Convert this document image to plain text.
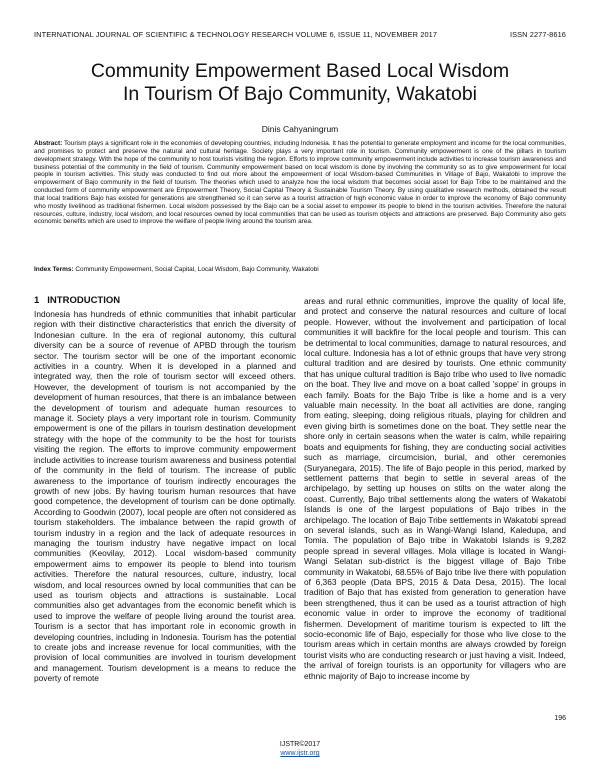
INTERNATIONAL JOURNAL OF SCIENTIFIC & TECHNOLOGY RESEARCH VOLUME 6, ISSUE 11, NOVEMBER 2017	ISSN 2277-8616
Community Empowerment Based Local Wisdom
In Tourism Of Bajo Community, Wakatobi
Dinis Cahyaningrum
Abstract: Tourism plays a significant role in the economies of developing countries, including Indonesia. It has the potential to generate employment and income for the local communities, and promises to protect and preserve the natural and cultural heritage. Society plays a very important role in tourism. Community empowerment is one of the pillars in tourism development strategy. With the hope of the community to host tourists visiting the region. Efforts to improve community empowerment include activities to increase tourism awareness and business potential of the community in the field of tourism. Community empowerment based on local wisdom is done by involving the community so as to give empowerment for local people in tourism activities. This study was conducted to find out more about the empowerment of local Wisdom-based Communities in Village of Bajo, Wakatobi to improve the empowerment of Bajo community in the field of tourism. The theories which used to analyze how the local wisdom that becomes social asset for Bajo Tribe to be maintained and the conducted form of community empowerment are Empowerment Theory, Social Capital Theory & Sustainable Tourism Theory. By using qualitative research methods, obtained the result that local traditions Bajo has existed for generations are strengthened so it can serve as a tourist attraction of high economic value in order to improve the economy of Bajo community who mostly livelihood as traditional fishermen. Local wisdom possessed by the Bajo can be a social asset to empower its people to blend in the tourism activities. Therefore the natural resources, culture, industry, local wisdom, and local resources owned by local communities that can be used as tourism objects and attractions are preserved. Bajo Community also gets economic benefits which are used to improve the welfare of people living around the tourism area.
Index Terms: Community Empowerment, Social Capital, Local Wisdom, Bajo Community, Wakatobi
1 INTRODUCTION
Indonesia has hundreds of ethnic communities that inhabit particular region with their distinctive characteristics that enrich the diversity of Indonesian culture. In the era of regional autonomy, this cultural diversity can be a source of revenue of APBD through the tourism sector. The tourism sector will be one of the important economic activities in a country. When it is developed in a planned and integrated way, then the role of tourism sector will exceed others. However, the development of tourism is not accompanied by the development of human resources, that there is an imbalance between the development of tourism and adequate human resources to manage it. Society plays a very important role in tourism. Community empowerment is one of the pillars in tourism destination development strategy with the hope of the community to be the host for tourists visiting the region. The efforts to improve community empowerment include activities to increase tourism awareness and business potential of the community in the field of tourism. The increase of public awareness to the importance of tourism indirectly encourages the growth of new jobs. By having tourism human resources that have good competence, the development of tourism can be done optimally. According to Goodwin (2007), local people are often not considered as tourism stakeholders. The imbalance between the rapid growth of tourism industry in a region and the lack of adequate resources in managing the tourism industry have negative impact on local communities (Keovilay, 2012). Local wisdom-based community empowerment aims to empower its people to blend into tourism activities. Therefore the natural resources, culture, industry, local wisdom, and local resources owned by local communities that can be used as tourism objects and attractions is sustainable. Local communities also get advantages from the economic benefit which is used to improve the welfare of people living around the tourist area. Tourism is a sector that has important role in economic growth in developing countries, including in Indonesia. Tourism has the potential to create jobs and increase revenue for local communities, with the provision of local communities are involved in tourism development and management. Tourism development is a means to reduce the poverty of remote
areas and rural ethnic communities, improve the quality of local life, and protect and conserve the natural resources and culture of local people. However, without the involvement and participation of local communities it will backfire for the local people and tourism. This can be detrimental to local communities, damage to natural resources, and local culture. Indonesia has a lot of ethnic groups that have very strong cultural tradition and are desired by tourists. One ethnic community that has unique cultural tradition is Bajo tribe who used to live nomadic on the boat. They live and move on a boat called 'soppe' in groups in each family. Boats for the Bajo Tribe is like a home and is a very valuable main necessity. In the boat all activities are done, ranging from eating, sleeping, doing religious rituals, playing for children and even giving birth is sometimes done on the boat. They settle near the shore only in certain seasons when the water is calm, while repairing boats and equipments for fishing, they are conducting social activities such as marriage, circumcision, burial, and other ceremonies (Suryanegara, 2015). The life of Bajo people in this period, marked by settlement patterns that begin to settle in several areas of the archipelago, by setting up houses on stilts on the water along the coast. Currently, Bajo tribal settlements along the waters of Wakatobi Islands is one of the largest populations of Bajo tribes in the archipelago. The location of Bajo Tribe settlements in Wakatobi spread on several islands, such as in Wangi-Wangi Island, Kaledupa, and Tomia. The population of Bajo tribe in Wakatobi Islands is 9,282 people spread in several villages. Mola village is located in Wangi-Wangi Selatan sub-district is the biggest village of Bajo Tribe community in Wakatobi, 68.55% of Bajo tribe live there with population of 6,363 people (Data BPS, 2015 & Data Desa, 2015). The local tradition of Bajo that has existed from generation to generation have been strengthened, thus it can be used as a tourist attraction of high economic value in order to improve the economy of traditional fishermen. Development of maritime tourism is expected to lift the socio-economic life of Bajo, especially for those who live close to the tourism areas which in certain months are always crowded by foreign tourist visits who are conducting research or just having a visit. Indeed, the arrival of foreign tourists is an opportunity for villagers who are ethnic majority of Bajo to increase income by
196
IJSTR©2017
www.ijstr.org
